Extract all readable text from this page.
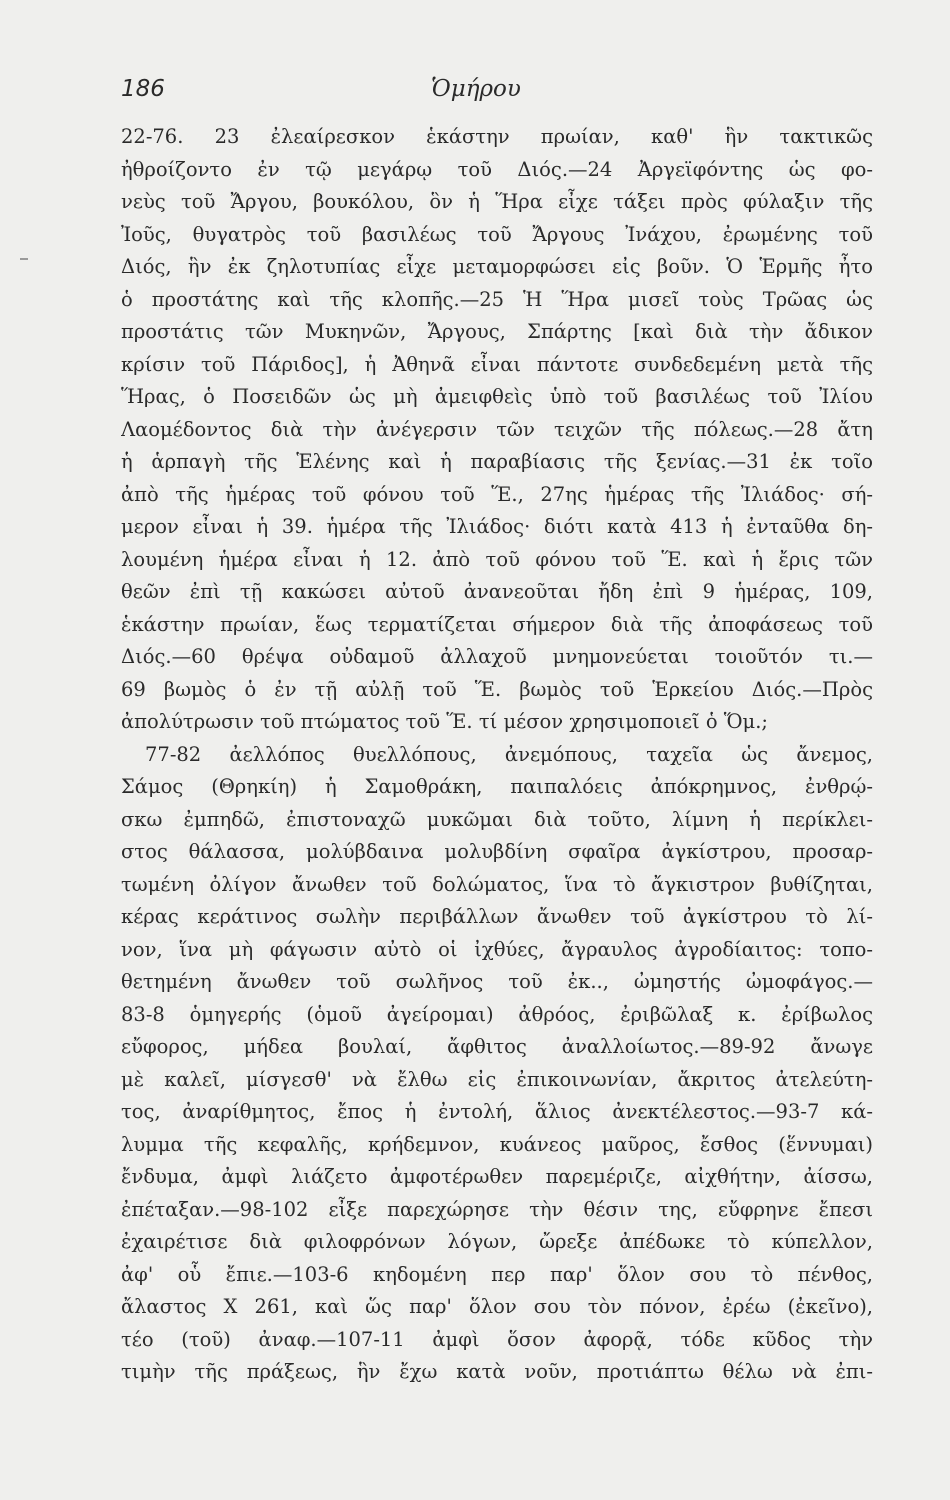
186	Ὁμήρου
22-76. 23 ἐλεαίρεσκον ἑκάστην πρωίαν, καθ' ἣν τακτικῶς
ἠθροίζοντο ἐν τῷ μεγάρῳ τοῦ Διός.—24 Ἀργεϊφόντης ὡς φο-
νεὺς τοῦ Ἄργου, βουκόλου, ὃν ἡ Ἥρα εἶχε τάξει πρὸς φύλαξιν τῆς
Ἰοῦς, θυγατρὸς τοῦ βασιλέως τοῦ Ἄργους Ἰνάχου, ἐρωμένης τοῦ
Διός, ἣν ἐκ ζηλοτυπίας εἶχε μεταμορφώσει εἰς βοῦν. Ὁ Ἑρμῆς ἦτο
ὁ προστάτης καὶ τῆς κλοπῆς.—25 Ἡ Ἥρα μισεῖ τοὺς Τρῶας ὡς
προστάτις τῶν Μυκηνῶν, Ἄργους, Σπάρτης [καὶ διὰ τὴν ἄδικον
κρίσιν τοῦ Πάριδος], ἡ Ἀθηνᾶ εἶναι πάντοτε συνδεδεμένη μετὰ τῆς
Ἥρας, ὁ Ποσειδῶν ὡς μὴ ἀμειφθεὶς ὑπὸ τοῦ βασιλέως τοῦ Ἰλίου
Λαομέδοντος διὰ τὴν ἀνέγερσιν τῶν τειχῶν τῆς πόλεως.—28 ἄτη
ἡ ἁρπαγὴ τῆς Ἑλένης καὶ ἡ παραβίασις τῆς ξενίας.—31 ἐκ τοῖο
ἀπὸ τῆς ἡμέρας τοῦ φόνου τοῦ Ἕ., 27ης ἡμέρας τῆς Ἰλιάδος· σή-
μερον εἶναι ἡ 39. ἡμέρα τῆς Ἰλιάδος· διότι κατὰ 413 ἡ ἐνταῦθα δη-
λουμένη ἡμέρα εἶναι ἡ 12. ἀπὸ τοῦ φόνου τοῦ Ἕ. καὶ ἡ ἔρις τῶν
θεῶν ἐπὶ τῇ κακώσει αὐτοῦ ἀνανεοῦται ἤδη ἐπὶ 9 ἡμέρας, 109,
ἑκάστην πρωίαν, ἕως τερματίζεται σήμερον διὰ τῆς ἀποφάσεως τοῦ
Διός.—60 θρέψα οὐδαμοῦ ἀλλαχοῦ μνημονεύεται τοιοῦτόν τι.—
69 βωμὸς ὁ ἐν τῇ αὐλῇ τοῦ Ἕ. βωμὸς τοῦ Ἑρκείου Διός.—Πρὸς
ἀπολύτρωσιν τοῦ πτώματος τοῦ Ἕ. τί μέσον χρησιμοποιεῖ ὁ Ὅμ.;
77-82 ἀελλόπος θυελλόπους, ἀνεμόπους, ταχεῖα ὡς ἄνεμος,
Σάμος (Θρηκίη) ἡ Σαμοθράκη, παιπαλόεις ἀπόκρημνος, ἐνθρῴ-
σκω ἐμπηδῶ, ἐπιστοναχῶ μυκῶμαι διὰ τοῦτο, λίμνη ἡ περίκλει-
στος θάλασσα, μολύβδαινα μολυβδίνη σφαῖρα ἀγκίστρου, προσαρ-
τωμένη ὀλίγον ἄνωθεν τοῦ δολώματος, ἵνα τὸ ἄγκιστρον βυθίζηται,
κέρας κεράτινος σωλὴν περιβάλλων ἄνωθεν τοῦ ἀγκίστρου τὸ λί-
νον, ἵνα μὴ φάγωσιν αὐτὸ οἱ ἰχθύες, ἄγραυλος ἀγροδίαιτος: τοπο-
θετημένη ἄνωθεν τοῦ σωλῆνος τοῦ ἐκ.., ὠμηστής ὠμοφάγος.—
83-8 ὁμηγερής (ὁμοῦ ἀγείρομαι) ἀθρόος, ἐριβῶλαξ κ. ἐρίβωλος
εὔφορος, μήδεα βουλαί, ἄφθιτος ἀναλλοίωτος.—89-92 ἄνωγε
μὲ καλεῖ, μίσγεσθ' νὰ ἔλθω εἰς ἐπικοινωνίαν, ἄκριτος ἀτελεύτη-
τος, ἀναρίθμητος, ἔπος ἡ ἐντολή, ἅλιος ἀνεκτέλεστος.—93-7 κά-
λυμμα τῆς κεφαλῆς, κρήδεμνον, κυάνεος μαῦρος, ἔσθος (ἕννυμαι)
ἔνδυμα, ἀμφὶ λιάζετο ἀμφοτέρωθεν παρεμέριζε, αἰχθήτην, ἀίσσω,
ἐπέταξαν.—98-102 εἶξε παρεχώρησε τὴν θέσιν της, εὔφρηνε ἔπεσι
ἐχαιρέτισε διὰ φιλοφρόνων λόγων, ὤρεξε ἀπέδωκε τὸ κύπελλον,
ἀφ' οὗ ἔπιε.—103-6 κηδομένη περ παρ' ὅλον σου τὸ πένθος,
ἄλαστος Χ 261, καὶ ὥς παρ' ὅλον σου τὸν πόνον, ἐρέω (ἐκεῖνο),
τέο (τοῦ) ἀναφ.—107-11 ἀμφὶ ὅσον ἀφορᾷ, τόδε κῦδος τὴν
τιμὴν τῆς πράξεως, ἣν ἔχω κατὰ νοῦν, προτιάπτω θέλω νὰ ἐπι-
